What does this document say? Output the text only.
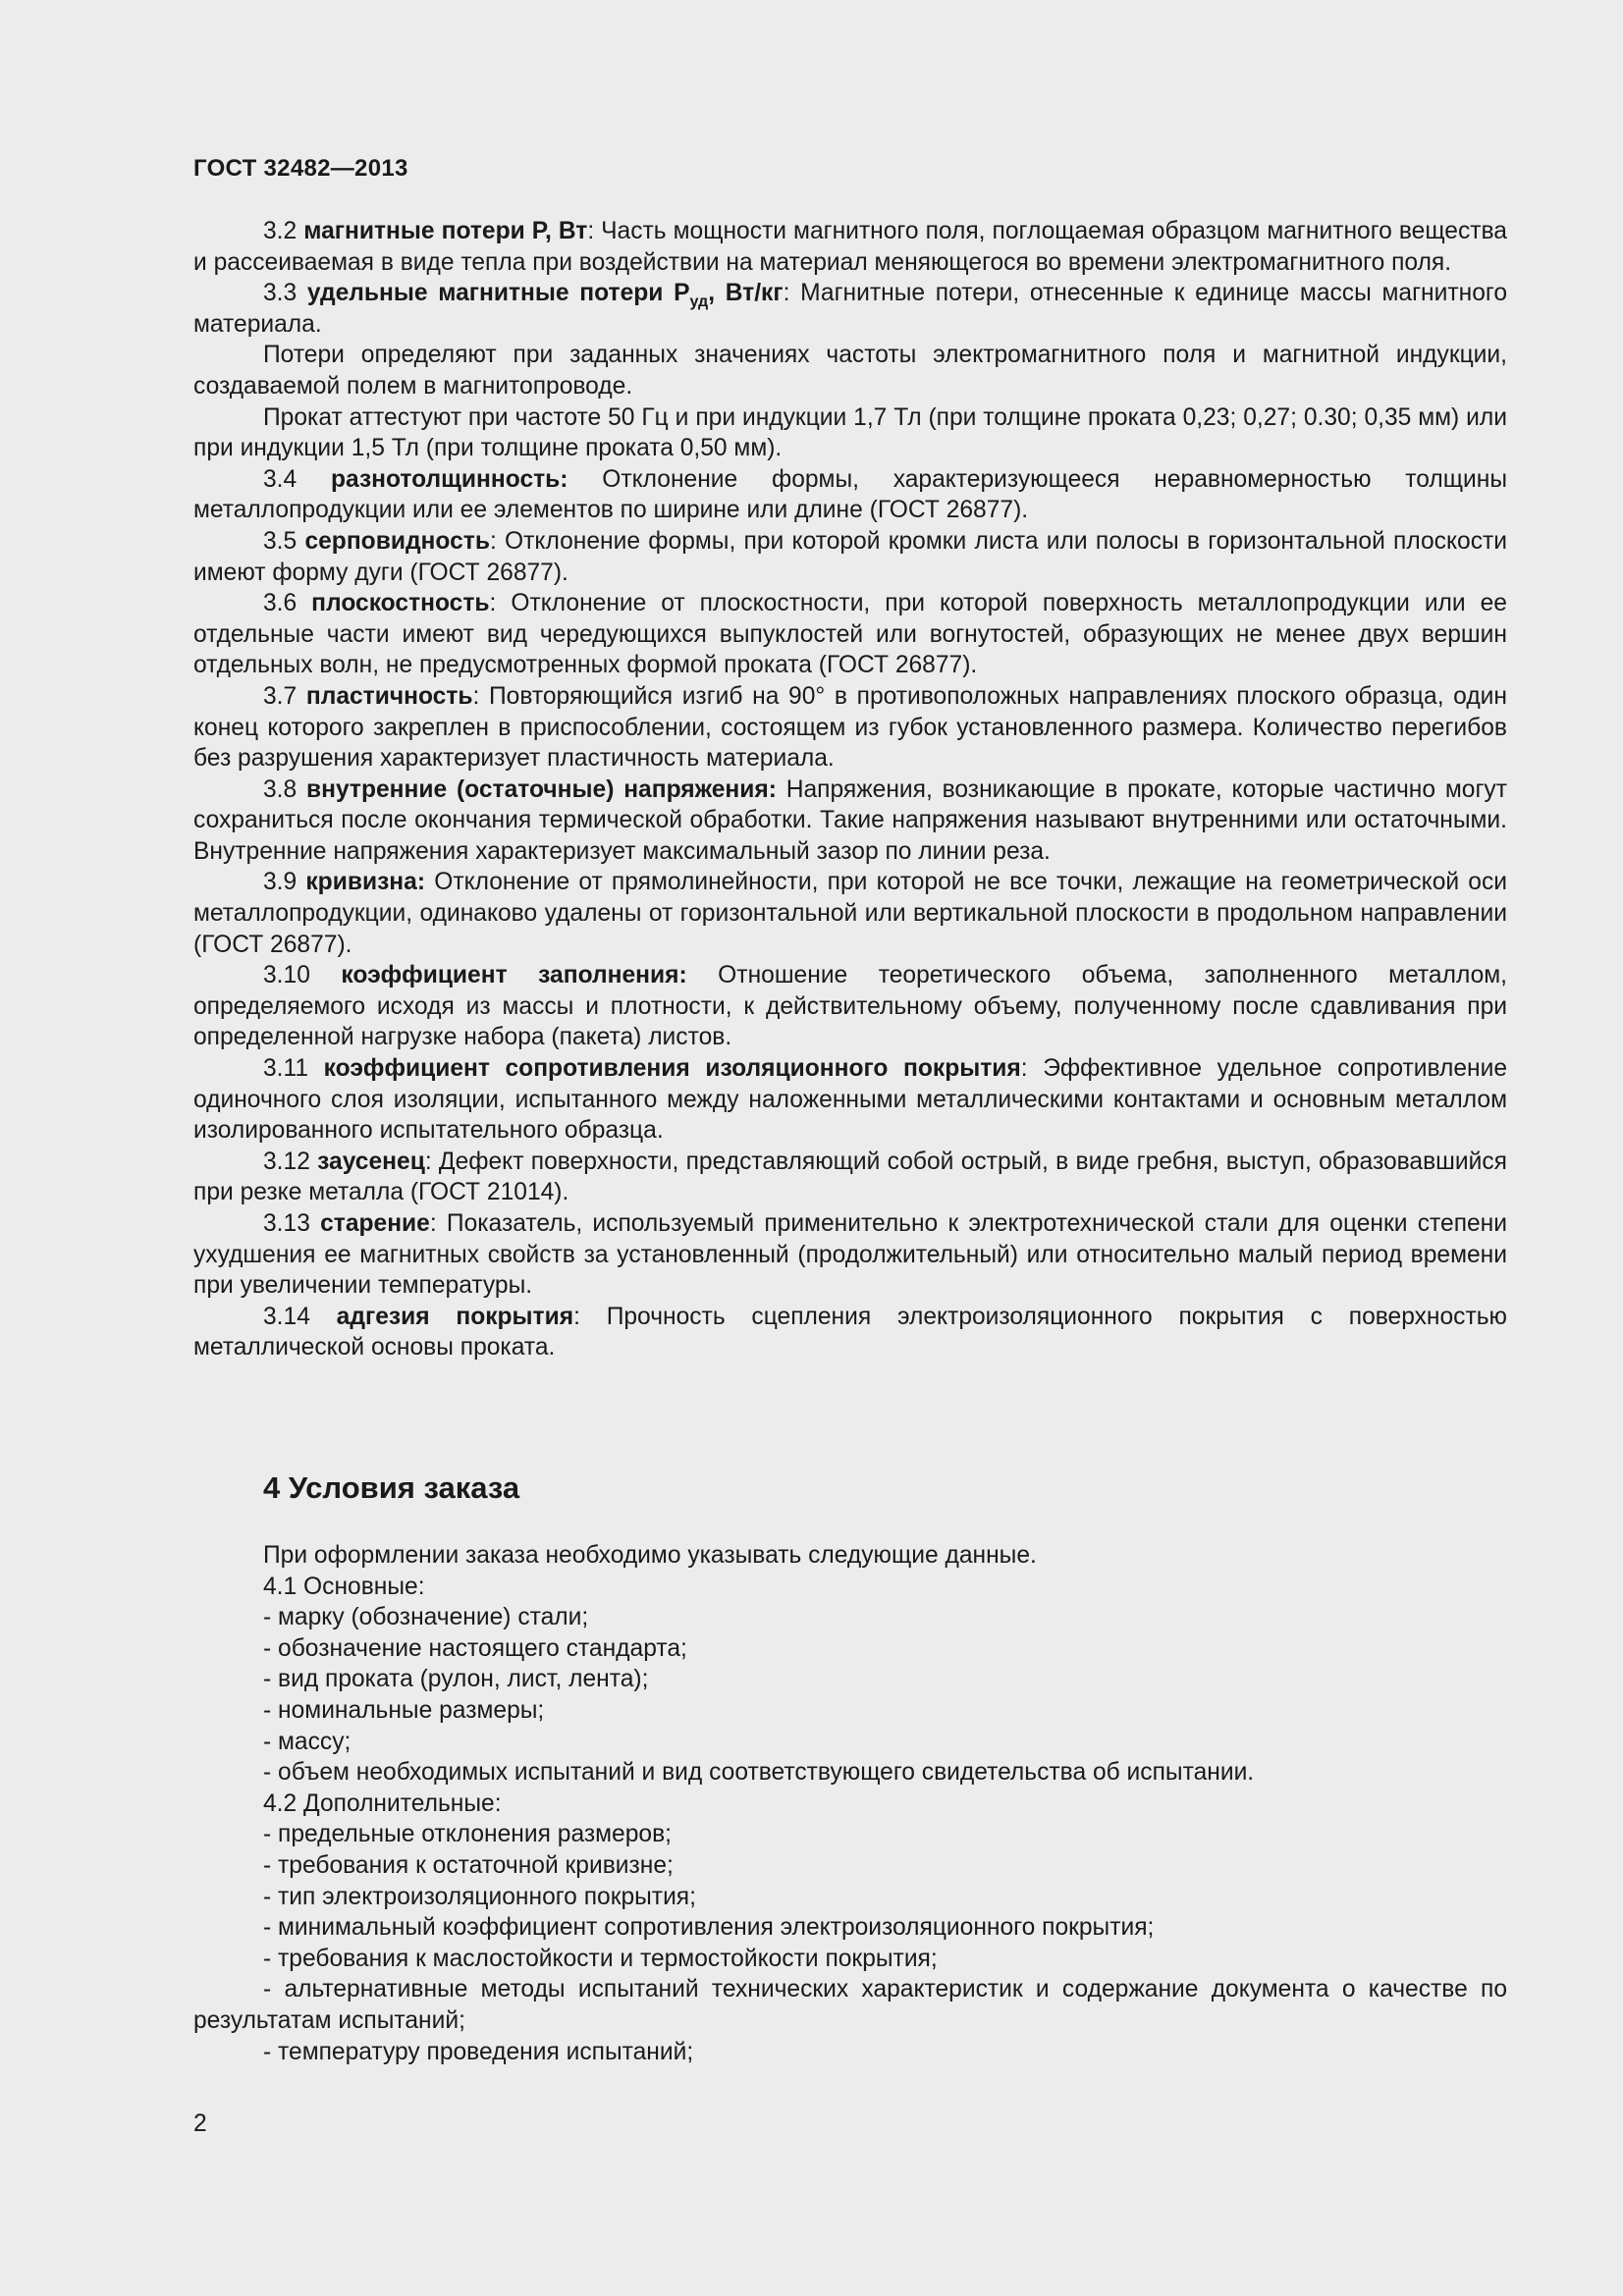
ГОСТ 32482—2013

3.2 магнитные потери P, Вт: Часть мощности магнитного поля, поглощаемая образцом магнитного вещества и рассеиваемая в виде тепла при воздействии на материал меняющегося во времени электромагнитного поля.

3.3 удельные магнитные потери $P_{уд}$, Вт/кг: Магнитные потери, отнесенные к единице массы магнитного материала.

Потери определяют при заданных значениях частоты электромагнитного поля и магнитной индукции, создаваемой полем в магнитопроводе.

Прокат аттестуют при частоте 50 Гц и при индукции 1,7 Тл (при толщине проката 0,23; 0,27; 0.30; 0,35 мм) или при индукции 1,5 Тл (при толщине проката 0,50 мм).

3.4 разнотолщинность: Отклонение формы, характеризующееся неравномерностью толщины металлопродукции или ее элементов по ширине или длине (ГОСТ 26877).

3.5 серповидность: Отклонение формы, при которой кромки листа или полосы в горизонтальной плоскости имеют форму дуги (ГОСТ 26877).

3.6 плоскостность: Отклонение от плоскостности, при которой поверхность металлопродукции или ее отдельные части имеют вид чередующихся выпуклостей или вогнутостей, образующих не менее двух вершин отдельных волн, не предусмотренных формой проката (ГОСТ 26877).

3.7 пластичность: Повторяющийся изгиб на 90° в противоположных направлениях плоского образца, один конец которого закреплен в приспособлении, состоящем из губок установленного размера. Количество перегибов без разрушения характеризует пластичность материала.

3.8 внутренние (остаточные) напряжения: Напряжения, возникающие в прокате, которые частично могут сохраниться после окончания термической обработки. Такие напряжения называют внутренними или остаточными. Внутренние напряжения характеризует максимальный зазор по линии реза.

3.9 кривизна: Отклонение от прямолинейности, при которой не все точки, лежащие на геометрической оси металлопродукции, одинаково удалены от горизонтальной или вертикальной плоскости в продольном направлении (ГОСТ 26877).

3.10 коэффициент заполнения: Отношение теоретического объема, заполненного металлом, определяемого исходя из массы и плотности, к действительному объему, полученному после сдавливания при определенной нагрузке набора (пакета) листов.

3.11 коэффициент сопротивления изоляционного покрытия: Эффективное удельное сопротивление одиночного слоя изоляции, испытанного между наложенными металлическими контактами и основным металлом изолированного испытательного образца.

3.12 заусенец: Дефект поверхности, представляющий собой острый, в виде гребня, выступ, образовавшийся при резке металла (ГОСТ 21014).

3.13 старение: Показатель, используемый применительно к электротехнической стали для оценки степени ухудшения ее магнитных свойств за установленный (продолжительный) или относительно малый период времени при увеличении температуры.

3.14 адгезия покрытия: Прочность сцепления электроизоляционного покрытия с поверхностью металлической основы проката.

4 Условия заказа

При оформлении заказа необходимо указывать следующие данные.

4.1 Основные:

- марку (обозначение) стали;

- обозначение настоящего стандарта;

- вид проката (рулон, лист, лента);

- номинальные размеры;

- массу;

- объем необходимых испытаний и вид соответствующего свидетельства об испытании.

4.2 Дополнительные:

- предельные отклонения размеров;

- требования к остаточной кривизне;

- тип электроизоляционного покрытия;

- минимальный коэффициент сопротивления электроизоляционного покрытия;

- требования к маслостойкости и термостойкости покрытия;

- альтернативные методы испытаний технических характеристик и содержание документа о качестве по результатам испытаний;

- температуру проведения испытаний;

2
